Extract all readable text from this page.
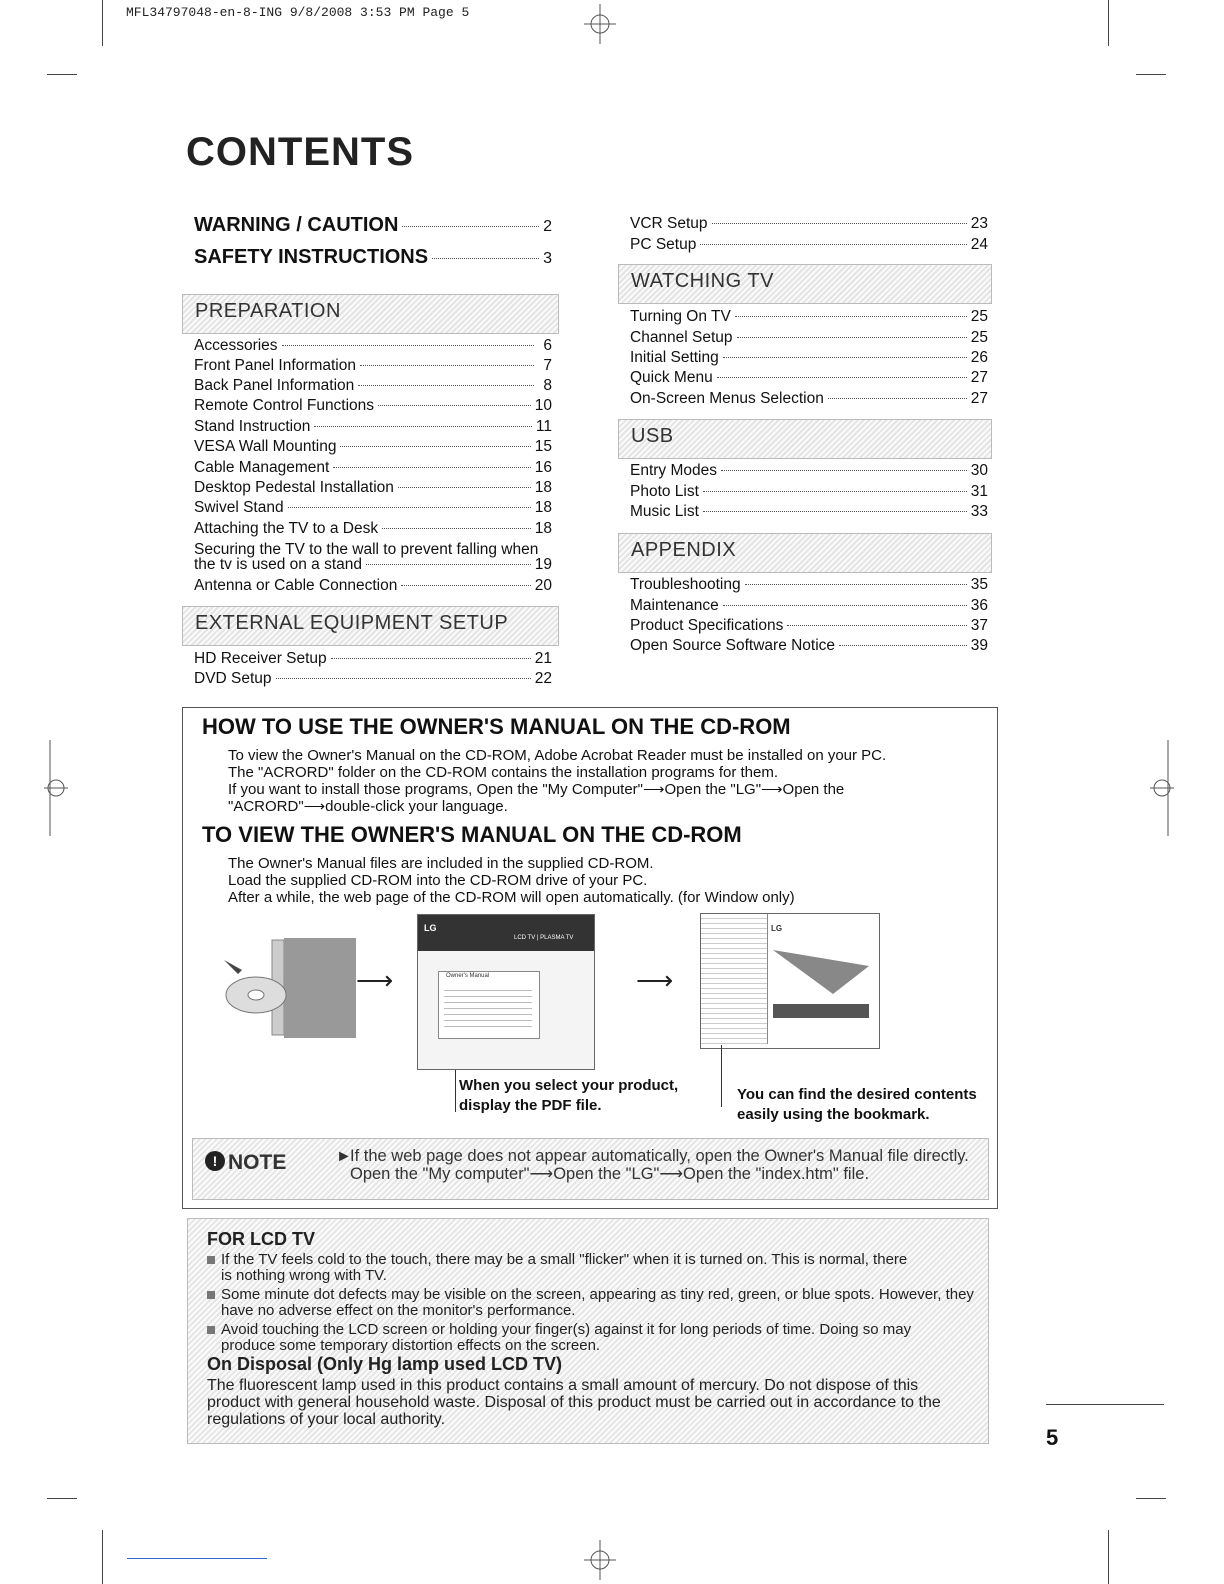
MFL34797048-en-8-ING 9/8/2008 3:53 PM Page 5
CONTENTS
WARNING / CAUTION	2
SAFETY INSTRUCTIONS	3
PREPARATION
Accessories	6
Front Panel Information	7
Back Panel Information	8
Remote Control Functions	10
Stand Instruction	11
VESA Wall Mounting	15
Cable Management	16
Desktop Pedestal Installation	18
Swivel Stand	18
Attaching the TV to a Desk	18
Securing the TV to the wall to prevent falling when
the tv is used on a stand	19
Antenna or Cable Connection	20
EXTERNAL EQUIPMENT SETUP
HD Receiver Setup	21
DVD Setup	22
VCR Setup	23
PC Setup	24
WATCHING TV
Turning On TV	25
Channel Setup	25
Initial Setting	26
Quick Menu	27
On-Screen Menus Selection	27
USB
Entry Modes	30
Photo List	31
Music List	33
APPENDIX
Troubleshooting	35
Maintenance	36
Product Specifications	37
Open Source Software Notice	39
HOW TO USE THE OWNER'S MANUAL ON THE CD-ROM
To view the Owner's Manual on the CD-ROM, Adobe Acrobat Reader must be installed on your PC.
The "ACRORD" folder on the CD-ROM contains the installation programs for them.
If you want to install those programs, Open the "My Computer"⟶Open the "LG"⟶Open the
"ACRORD"⟶double-click your language.
TO VIEW THE OWNER'S MANUAL ON THE CD-ROM
The Owner's Manual files are included in the supplied CD-ROM.
Load the supplied CD-ROM into the CD-ROM drive of your PC.
After a while, the web page of the CD-ROM will open automatically. (for Window only)
⟶
LG
LCD TV | PLASMA TV
Owner's Manual	⟶
LG
When you select your product,
display the PDF file.
You can find the desired contents
easily using the bookmark.
! NOTE	►
If the web page does not appear automatically, open the Owner's Manual file directly.
Open the "My computer"⟶Open the "LG"⟶Open the "index.htm" file.
FOR LCD TV
If the TV feels cold to the touch, there may be a small "flicker" when it is turned on. This is normal, there
is nothing wrong with TV.
Some minute dot defects may be visible on the screen, appearing as tiny red, green, or blue spots. However, they
have no adverse effect on the monitor's performance.
Avoid touching the LCD screen or holding your finger(s) against it for long periods of time. Doing so may
produce some temporary distortion effects on the screen.
On Disposal (Only Hg lamp used LCD TV)
The fluorescent lamp used in this product contains a small amount of mercury. Do not dispose of this
product with general household waste. Disposal of this product must be carried out in accordance to the
regulations of your local authority.
5
